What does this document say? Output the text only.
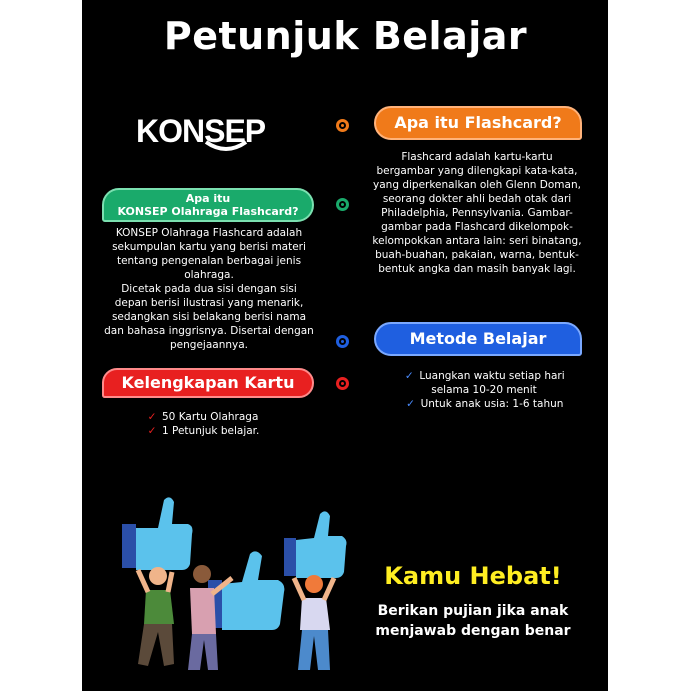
Petunjuk Belajar
KONSEP	Apa itu Flashcard?
Flashcard adalah kartu-kartu bergambar yang dilengkapi kata-kata, yang diperkenalkan oleh Glenn Doman, seorang dokter ahli bedah otak dari Philadelphia, Pennsylvania. Gambar-gambar pada Flashcard dikelompok-kelompokkan antara lain: seri binatang, buah-buahan, pakaian, warna, bentuk-bentuk angka dan masih banyak lagi.
Apa itu
KONSEP Olahraga Flashcard?
KONSEP Olahraga Flashcard adalah sekumpulan kartu yang berisi materi tentang pengenalan berbagai jenis olahraga.
Dicetak pada dua sisi dengan sisi depan berisi ilustrasi yang menarik, sedangkan sisi belakang berisi nama dan bahasa inggrisnya. Disertai dengan pengejaannya.	Metode Belajar
✓ Luangkan waktu setiap hari selama 10-20 menit
✓ Untuk anak usia: 1-6 tahun
Kelengkapan Kartu
✓ 50 Kartu Olahraga
✓ 1 Petunjuk belajar.
Kamu Hebat!
Berikan pujian jika anak menjawab dengan benar
